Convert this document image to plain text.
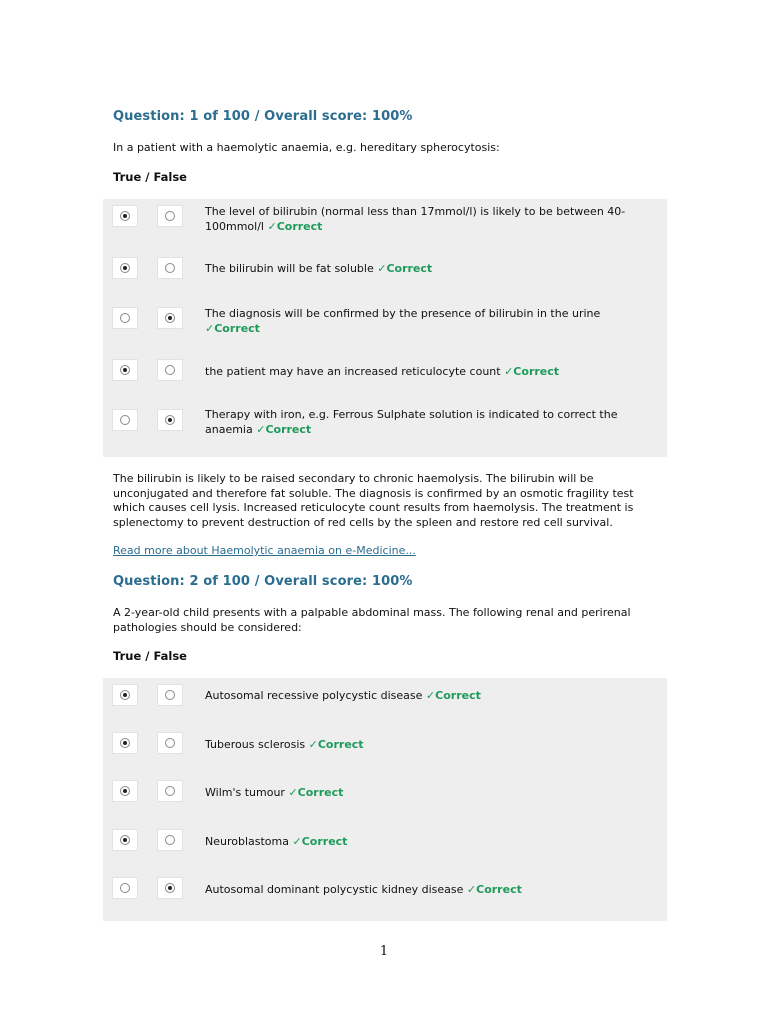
Question: 1 of 100 / Overall score: 100%
In a patient with a haemolytic anaemia, e.g. hereditary spherocytosis:
True / False
The level of bilirubin (normal less than 17mmol/l) is likely to be between 40-100mmol/l ✓Correct
The bilirubin will be fat soluble ✓Correct
The diagnosis will be confirmed by the presence of bilirubin in the urine ✓Correct
the patient may have an increased reticulocyte count ✓Correct
Therapy with iron, e.g. Ferrous Sulphate solution is indicated to correct the anaemia ✓Correct
The bilirubin is likely to be raised secondary to chronic haemolysis. The bilirubin will be unconjugated and therefore fat soluble. The diagnosis is confirmed by an osmotic fragility test which causes cell lysis. Increased reticulocyte count results from haemolysis. The treatment is splenectomy to prevent destruction of red cells by the spleen and restore red cell survival.
Read more about Haemolytic anaemia on e-Medicine...
Question: 2 of 100 / Overall score: 100%
A 2-year-old child presents with a palpable abdominal mass. The following renal and perirenal pathologies should be considered:
True / False
Autosomal recessive polycystic disease ✓Correct
Tuberous sclerosis ✓Correct
Wilm's tumour ✓Correct
Neuroblastoma ✓Correct
Autosomal dominant polycystic kidney disease ✓Correct
1
